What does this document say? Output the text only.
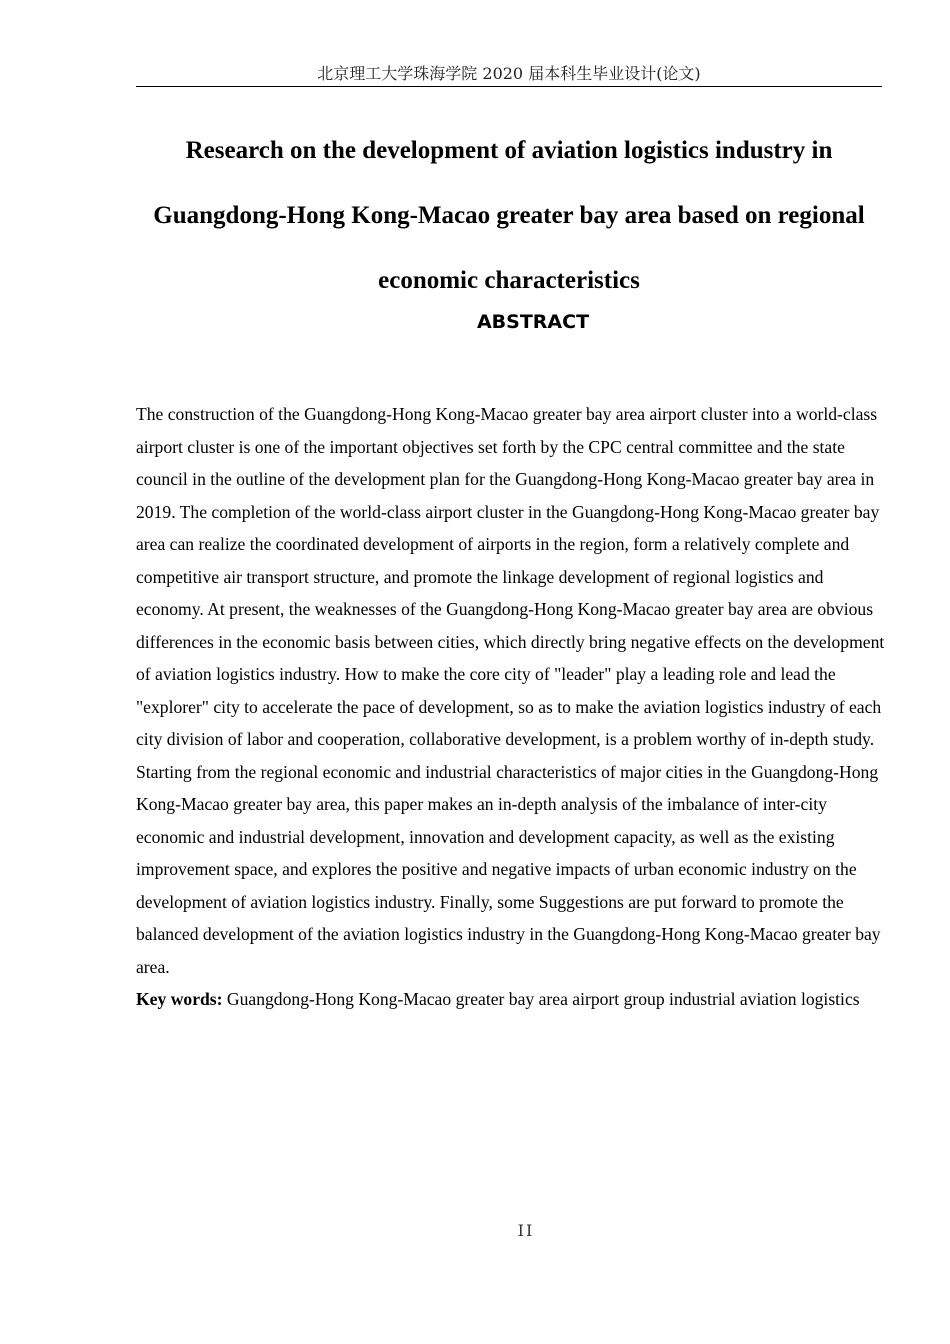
北京理工大学珠海学院 2020 届本科生毕业设计(论文)
Research on the development of aviation logistics industry in
Guangdong-Hong Kong-Macao greater bay area based on regional
economic characteristics
ABSTRACT

The construction of the Guangdong-Hong Kong-Macao greater bay area airport cluster into a world-class airport cluster is one of the important objectives set forth by the CPC central committee and the state council in the outline of the development plan for the Guangdong-Hong Kong-Macao greater bay area in 2019. The completion of the world-class airport cluster in the Guangdong-Hong Kong-Macao greater bay area can realize the coordinated development of airports in the region, form a relatively complete and competitive air transport structure, and promote the linkage development of regional logistics and economy. At present, the weaknesses of the Guangdong-Hong Kong-Macao greater bay area are obvious differences in the economic basis between cities, which directly bring negative effects on the development of aviation logistics industry. How to make the core city of "leader" play a leading role and lead the "explorer" city to accelerate the pace of development, so as to make the aviation logistics industry of each city division of labor and cooperation, collaborative development, is a problem worthy of in-depth study. Starting from the regional economic and industrial characteristics of major cities in the Guangdong-Hong Kong-Macao greater bay area, this paper makes an in-depth analysis of the imbalance of inter-city economic and industrial development, innovation and development capacity, as well as the existing improvement space, and explores the positive and negative impacts of urban economic industry on the development of aviation logistics industry. Finally, some Suggestions are put forward to promote the balanced development of the aviation logistics industry in the Guangdong-Hong Kong-Macao greater bay area.

Key words: Guangdong-Hong Kong-Macao greater bay area airport group industrial aviation logistics

II
